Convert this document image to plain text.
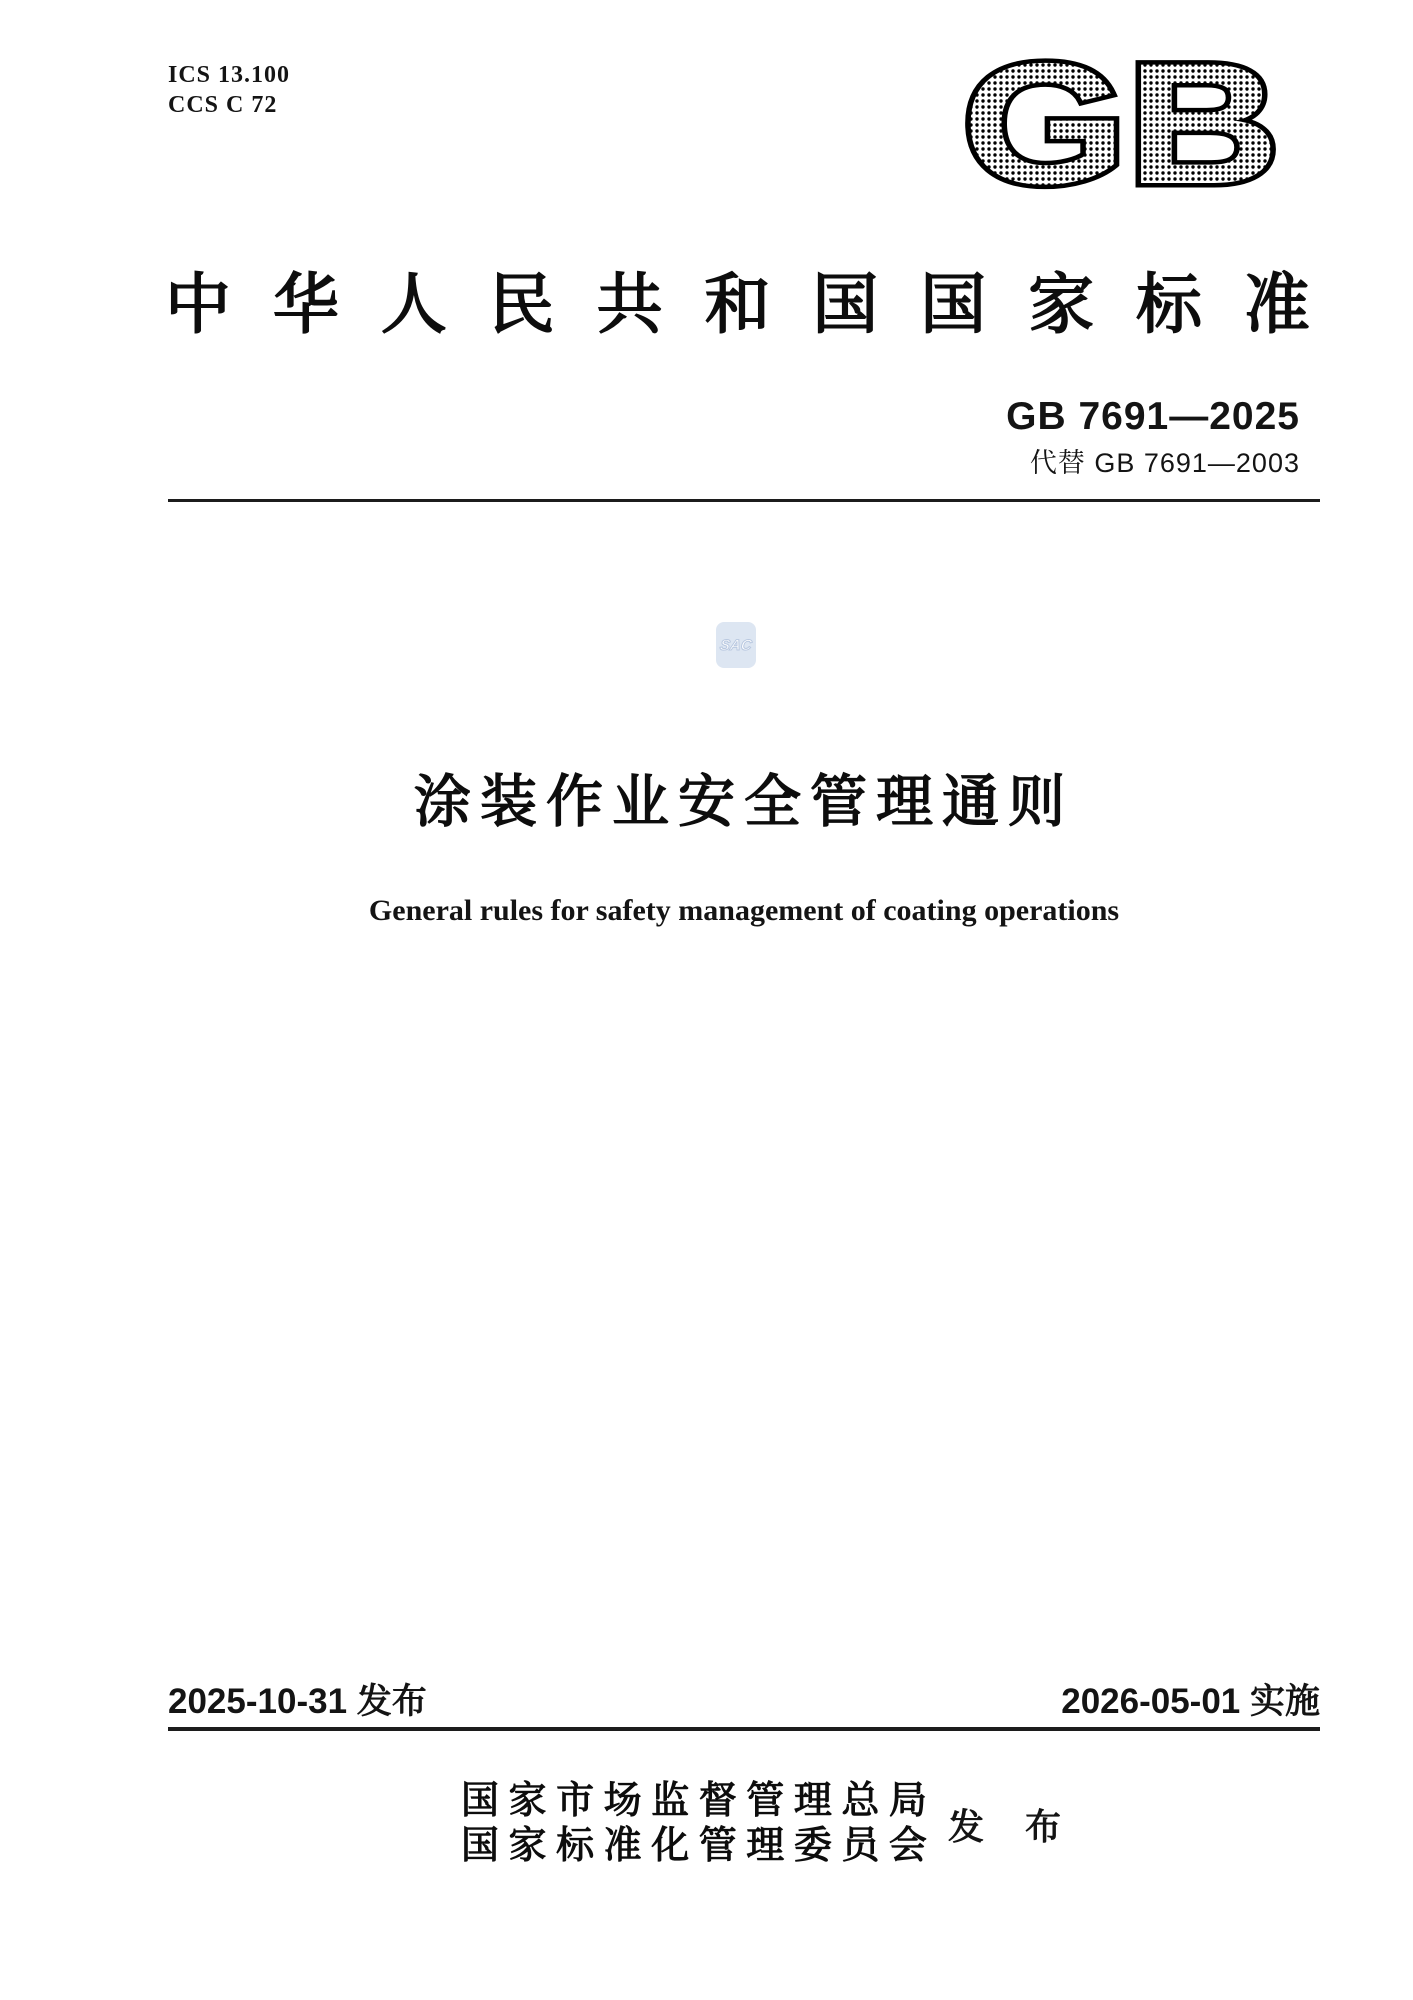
ICS 13.100
CCS C 72	GB
中 华 人 民 共 和 国 国 家 标 准
GB 7691—2025
代替 GB 7691—2003
SAC
涂装作业安全管理通则
General rules for safety management of coating operations
2025-10-31 发布	2026-05-01 实施
国 家 市 场 监 督 管 理 总 局
国 家 标 准 化 管 理 委 员 会 发 布
